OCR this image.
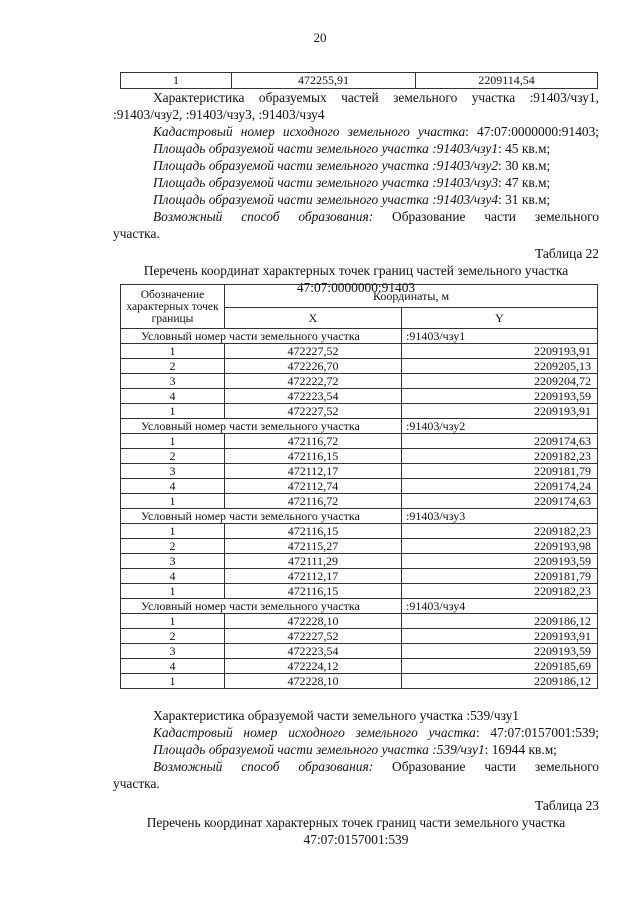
20
1	472255,91	2209114,54
Характеристика образуемых частей земельного участка :91403/чзу1,
:91403/чзу2, :91403/чзу3, :91403/чзу4
Кадастровый номер исходного земельного участка: 47:07:0000000:91403;
Площадь образуемой части земельного участка :91403/чзу1: 45 кв.м;
Площадь образуемой части земельного участка :91403/чзу2: 30 кв.м;
Площадь образуемой части земельного участка :91403/чзу3: 47 кв.м;
Площадь образуемой части земельного участка :91403/чзу4: 31 кв.м;
Возможный способ образования: Образование части земельного
участка.
Таблица 22
Перечень координат характерных точек границ частей земельного участка
47:07:0000000:91403
Обозначение характерных точек границы	Координаты, м	
	X	Y
Условный номер части земельного участка		:91403/чзу1
1	472227,52	2209193,91
2	472226,70	2209205,13
3	472222,72	2209204,72
4	472223,54	2209193,59
1	472227,52	2209193,91
Условный номер части земельного участка		:91403/чзу2
1	472116,72	2209174,63
2	472116,15	2209182,23
3	472112,17	2209181,79
4	472112,74	2209174,24
1	472116,72	2209174,63
Условный номер части земельного участка		:91403/чзу3
1	472116,15	2209182,23
2	472115,27	2209193,98
3	472111,29	2209193,59
4	472112,17	2209181,79
1	472116,15	2209182,23
Условный номер части земельного участка		:91403/чзу4
1	472228,10	2209186,12
2	472227,52	2209193,91
3	472223,54	2209193,59
4	472224,12	2209185,69
1	472228,10	2209186,12
Характеристика образуемой части земельного участка :539/чзу1
Кадастровый номер исходного земельного участка: 47:07:0157001:539;
Площадь образуемой части земельного участка :539/чзу1: 16944 кв.м;
Возможный способ образования: Образование части земельного
участка.
Таблица 23
Перечень координат характерных точек границ части земельного участка
47:07:0157001:539
